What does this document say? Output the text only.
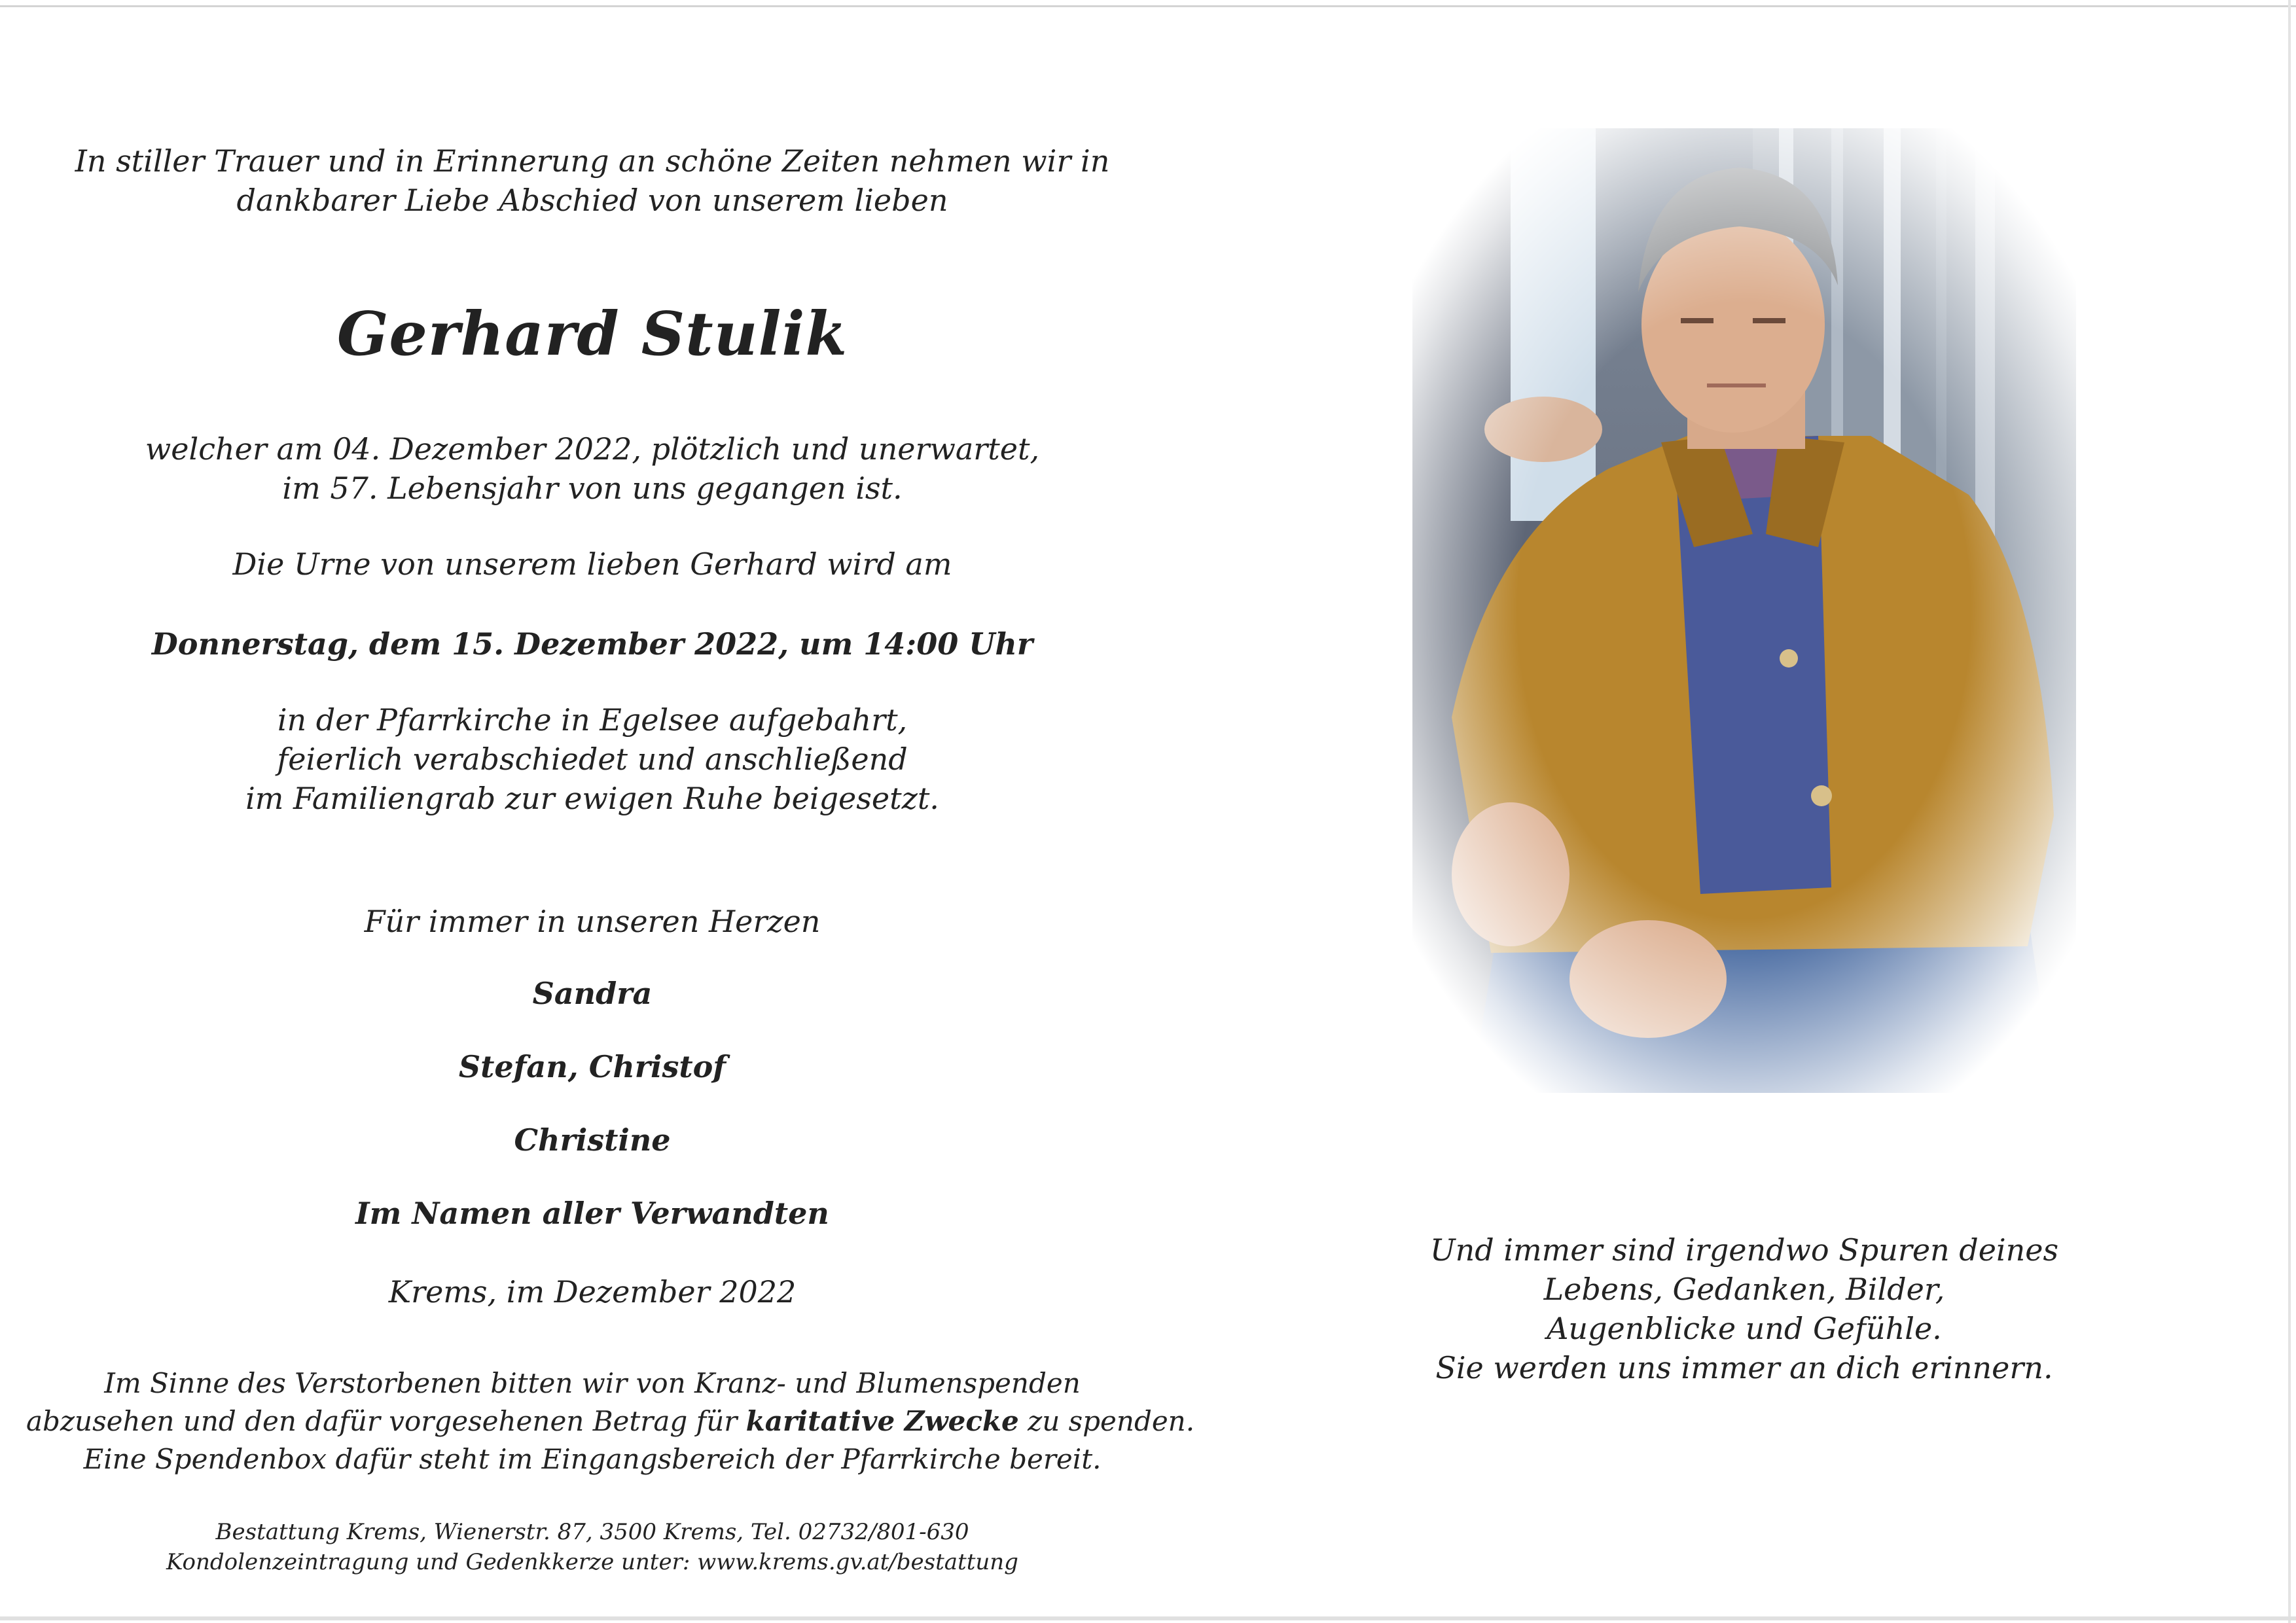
In stiller Trauer und in Erinnerung an schöne Zeiten nehmen wir in
dankbarer Liebe Abschied von unserem lieben
Gerhard Stulik
welcher am 04. Dezember 2022, plötzlich und unerwartet,
im 57. Lebensjahr von uns gegangen ist.
Die Urne von unserem lieben Gerhard wird am
Donnerstag, dem 15. Dezember 2022, um 14:00 Uhr
in der Pfarrkirche in Egelsee aufgebahrt,
feierlich verabschiedet und anschließend
im Familiengrab zur ewigen Ruhe beigesetzt.
Für immer in unseren Herzen
Sandra
Stefan, Christof
Christine
Im Namen aller Verwandten
Krems, im Dezember 2022
Im Sinne des Verstorbenen bitten wir von Kranz- und Blumenspenden
abzusehen und den dafür vorgesehenen Betrag für karitative Zwecke zu spenden.
Eine Spendenbox dafür steht im Eingangsbereich der Pfarrkirche bereit.
Bestattung Krems, Wienerstr. 87, 3500 Krems, Tel. 02732/801-630
Kondolenzeintragung und Gedenkkerze unter: www.krems.gv.at/bestattung
Und immer sind irgendwo Spuren deines
Lebens, Gedanken, Bilder,
Augenblicke und Gefühle.
Sie werden uns immer an dich erinnern.
